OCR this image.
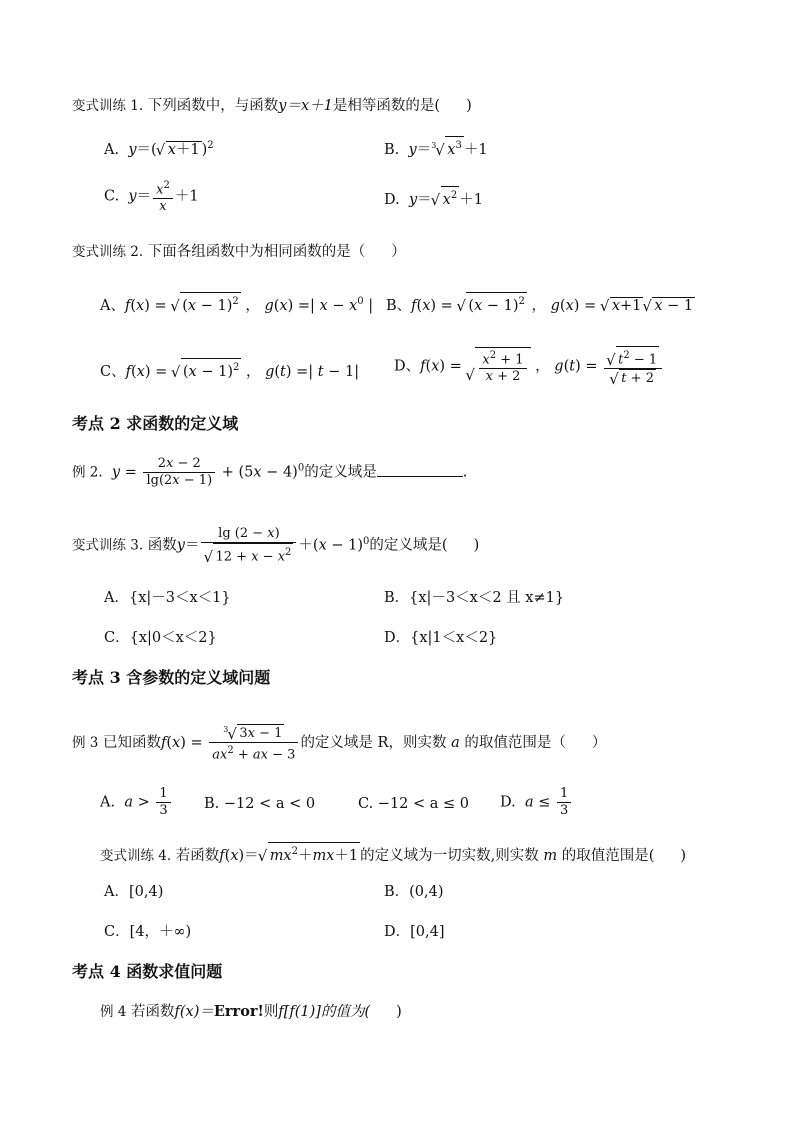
变式训练 1. 下列函数中，与函数y＝x＋1是相等函数的是( )
A. y＝( √ x＋1 )$^2$	B. y＝$^3$ √ $x^3 +1$
C. $y= \frac{x^2}{x} +1$	D. y＝ √ $x^2 +1$
变式训练 2. 下面各组函数中为相同函数的是（ ）
A、f(x) = √ $(x - 1)^2$ ， g(x) =| $x - x^0$ | B、f(x) = √ $(x - 1)^2$ ， g(x) = √ x+1 √ x − 1
C、f(x) = √ $(x - 1)^2$ ， g(t) =| t − 1| D、f(x) = √ $\frac{x^2 + 1}{x + 2}$ ， g(t) = √ $t^2 - 1$
√ t + 2
考点 2 求函数的定义域
例 2. $y = \frac{2x - 2}{\lg(2x - 1)} + (5x - 4)^0$的定义域是	.
变式训练 3. 函数y＝ lg (2 − x)
√ $12 + x - x^2 +(x - 1)^0$的定义域是( )
A．{x|－3＜x＜1}	B．{x|－3＜x＜2 且 x≠1}
C．{x|0＜x＜2}	D．{x|1＜x＜2}
考点 3 含参数的定义域问题
例 3 已知函数$f(x) = \frac{^3 √ 3x - 1}{ax^2 + ax - 3}$ 的定义域是 R，则实数 a 的取值范围是（ ）
A. $a > \frac{1}{3} B$. −12 < a < 0	C. −12 < a ≤ 0 D. $a \le \frac{1}{3}$
变式训练 4. 若函数f(x)＝ √ $mx^2+mx+1$ 的定义域为一切实数,则实数 m 的取值范围是( )
A．[0,4)	B．(0,4)
C．[4，＋∞)	D．[0,4]
考点 4 函数求值问题
例 4 若函数f(x)＝Error!则f[f(1)]的值为( )
